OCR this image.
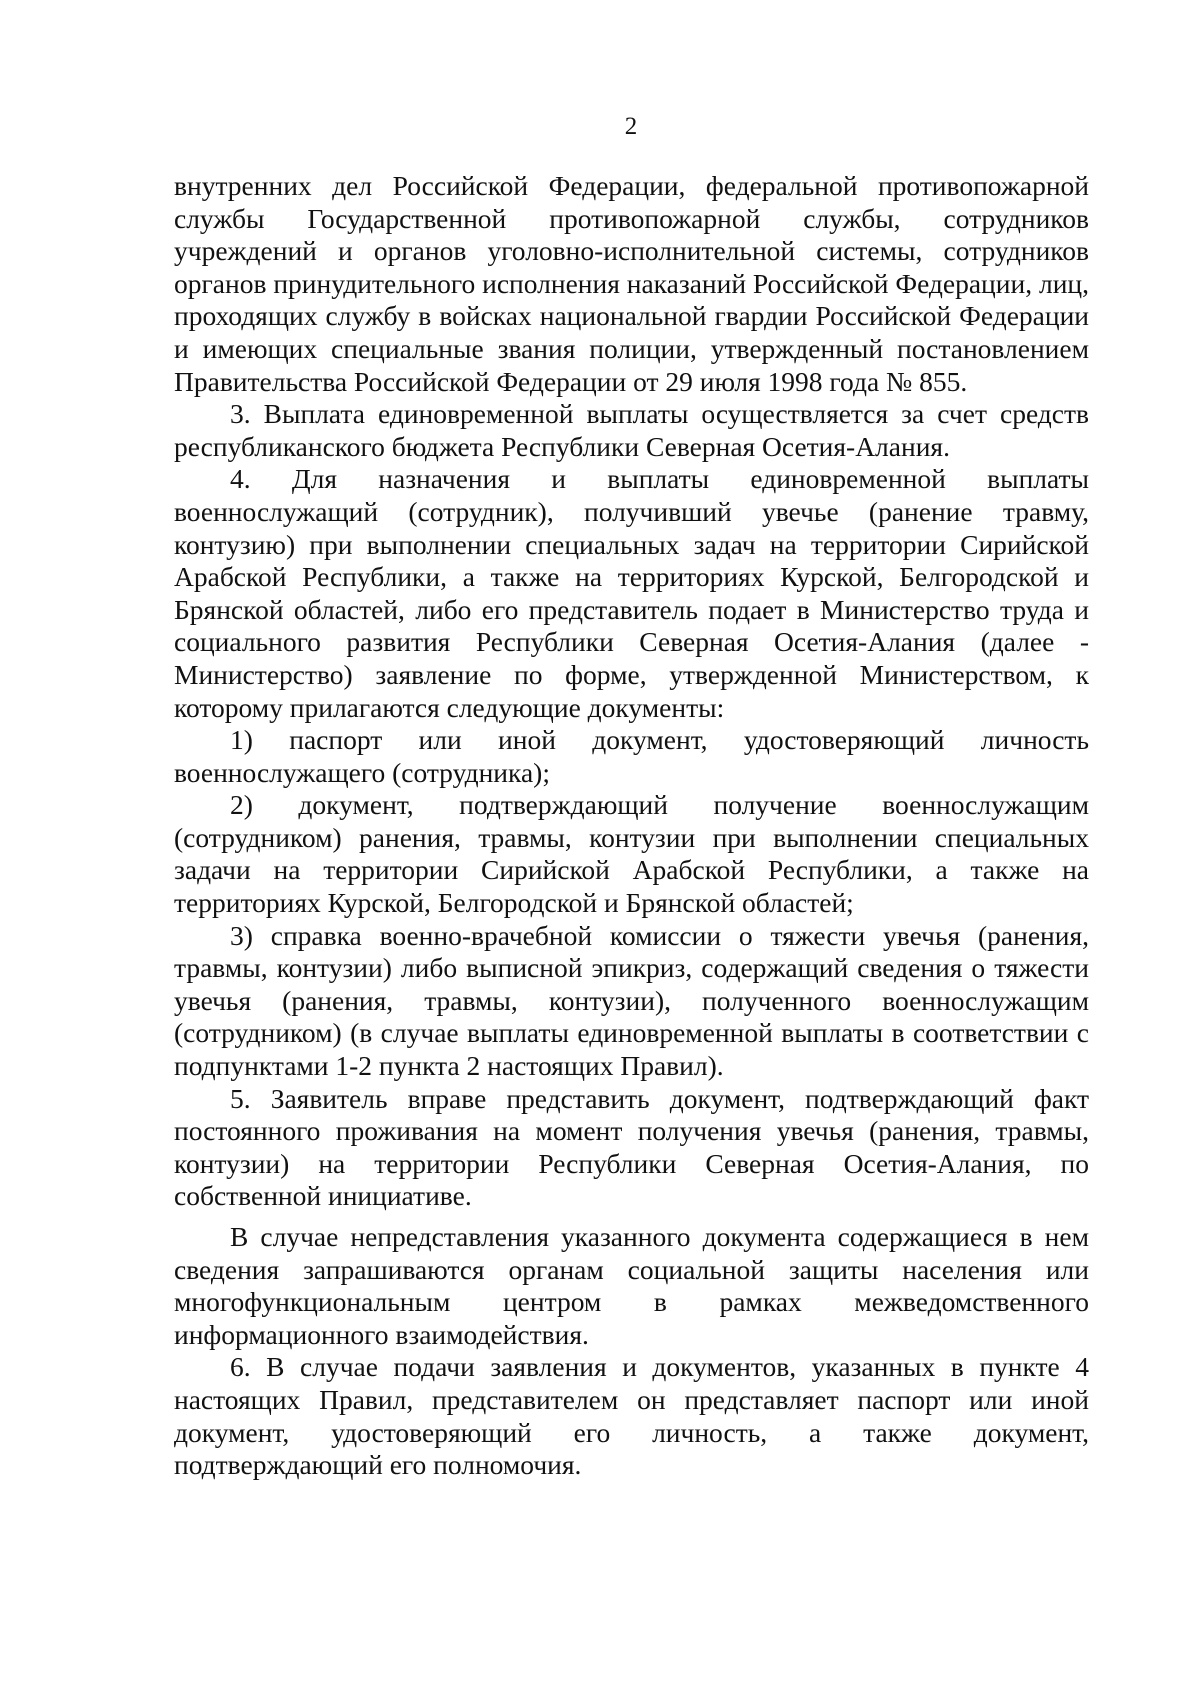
2

внутренних дел Российской Федерации, федеральной противопожарной службы Государственной противопожарной службы, сотрудников учреждений и органов уголовно-исполнительной системы, сотрудников органов принудительного исполнения наказаний Российской Федерации, лиц, проходящих службу в войсках национальной гвардии Российской Федерации и имеющих специальные звания полиции, утвержденный постановлением Правительства Российской Федерации от 29 июля 1998 года № 855.

3. Выплата единовременной выплаты осуществляется за счет средств республиканского бюджета Республики Северная Осетия-Алания.

4. Для назначения и выплаты единовременной выплаты военнослужащий (сотрудник), получивший увечье (ранение травму, контузию) при выполнении специальных задач на территории Сирийской Арабской Республики, а также на территориях Курской, Белгородской и Брянской областей, либо его представитель подает в Министерство труда и социального развития Республики Северная Осетия-Алания (далее - Министерство) заявление по форме, утвержденной Министерством, к которому прилагаются следующие документы:

1) паспорт или иной документ, удостоверяющий личность военнослужащего (сотрудника);

2) документ, подтверждающий получение военнослужащим (сотрудником) ранения, травмы, контузии при выполнении специальных задачи на территории Сирийской Арабской Республики, а также на территориях Курской, Белгородской и Брянской областей;

3) справка военно-врачебной комиссии о тяжести увечья (ранения, травмы, контузии) либо выписной эпикриз, содержащий сведения о тяжести увечья (ранения, травмы, контузии), полученного военнослужащим (сотрудником) (в случае выплаты единовременной выплаты в соответствии с подпунктами 1-2 пункта 2 настоящих Правил).

5. Заявитель вправе представить документ, подтверждающий факт постоянного проживания на момент получения увечья (ранения, травмы, контузии) на территории Республики Северная Осетия-Алания, по собственной инициативе.

В случае непредставления указанного документа содержащиеся в нем сведения запрашиваются органам социальной защиты населения или многофункциональным центром в рамках межведомственного информационного взаимодействия.

6. В случае подачи заявления и документов, указанных в пункте 4 настоящих Правил, представителем он представляет паспорт или иной документ, удостоверяющий его личность, а также документ, подтверждающий его полномочия.
